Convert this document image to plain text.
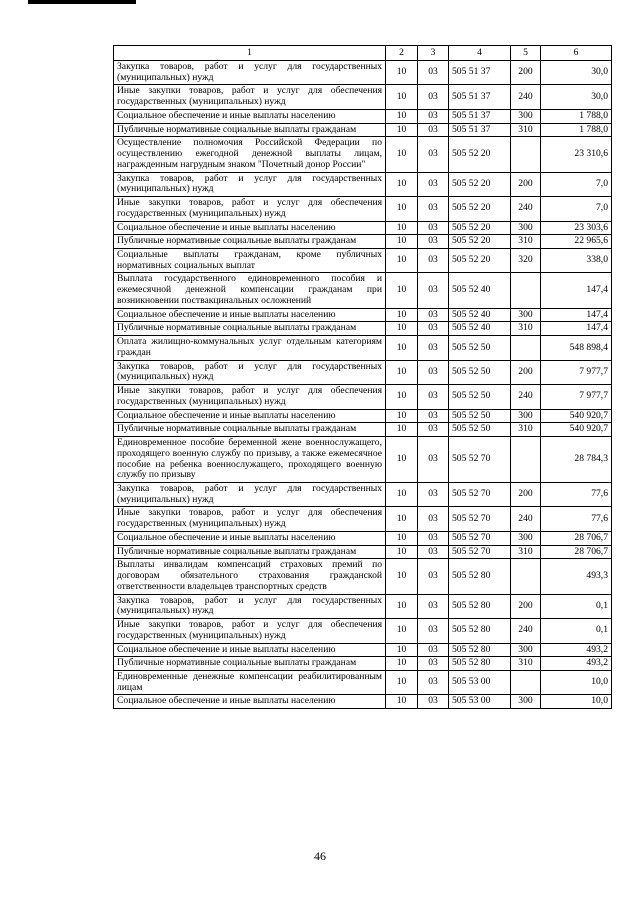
1	2	3	4	5	6
Закупка товаров, работ и услуг для государственных (муниципальных) нужд	10	03	505 51 37	200	30,0
Иные закупки товаров, работ и услуг для обеспечения государственных (муниципальных) нужд	10	03	505 51 37	240	30,0
Социальное обеспечение и иные выплаты населению	10	03	505 51 37	300	1 788,0
Публичные нормативные социальные выплаты гражданам	10	03	505 51 37	310	1 788,0
Осуществление полномочия Российской Федерации по осуществлению ежегодной денежной выплаты лицам, награжденным нагрудным знаком "Почетный донор России"	10	03	505 52 20		23 310,6
Закупка товаров, работ и услуг для государственных (муниципальных) нужд	10	03	505 52 20	200	7,0
Иные закупки товаров, работ и услуг для обеспечения государственных (муниципальных) нужд	10	03	505 52 20	240	7,0
Социальное обеспечение и иные выплаты населению	10	03	505 52 20	300	23 303,6
Публичные нормативные социальные выплаты гражданам	10	03	505 52 20	310	22 965,6
Социальные выплаты гражданам, кроме публичных нормативных социальных выплат	10	03	505 52 20	320	338,0
Выплата государственного единовременного пособия и ежемесячной денежной компенсации гражданам при возникновении поствакцинальных осложнений	10	03	505 52 40		147,4
Социальное обеспечение и иные выплаты населению	10	03	505 52 40	300	147,4
Публичные нормативные социальные выплаты гражданам	10	03	505 52 40	310	147,4
Оплата жилищно-коммунальных услуг отдельным категориям граждан	10	03	505 52 50		548 898,4
Закупка товаров, работ и услуг для государственных (муниципальных) нужд	10	03	505 52 50	200	7 977,7
Иные закупки товаров, работ и услуг для обеспечения государственных (муниципальных) нужд	10	03	505 52 50	240	7 977,7
Социальное обеспечение и иные выплаты населению	10	03	505 52 50	300	540 920,7
Публичные нормативные социальные выплаты гражданам	10	03	505 52 50	310	540 920,7
Единовременное пособие беременной жене военнослужащего, проходящего военную службу по призыву, а также ежемесячное пособие на ребенка военнослужащего, проходящего военную службу по призыву	10	03	505 52 70		28 784,3
Закупка товаров, работ и услуг для государственных (муниципальных) нужд	10	03	505 52 70	200	77,6
Иные закупки товаров, работ и услуг для обеспечения государственных (муниципальных) нужд	10	03	505 52 70	240	77,6
Социальное обеспечение и иные выплаты населению	10	03	505 52 70	300	28 706,7
Публичные нормативные социальные выплаты гражданам	10	03	505 52 70	310	28 706,7
Выплаты инвалидам компенсаций страховых премий по договорам обязательного страхования гражданской ответственности владельцев транспортных средств	10	03	505 52 80		493,3
Закупка товаров, работ и услуг для государственных (муниципальных) нужд	10	03	505 52 80	200	0,1
Иные закупки товаров, работ и услуг для обеспечения государственных (муниципальных) нужд	10	03	505 52 80	240	0,1
Социальное обеспечение и иные выплаты населению	10	03	505 52 80	300	493,2
Публичные нормативные социальные выплаты гражданам	10	03	505 52 80	310	493,2
Единовременные денежные компенсации реабилитированным лицам	10	03	505 53 00		10,0
Социальное обеспечение и иные выплаты населению	10	03	505 53 00	300	10,0
46
